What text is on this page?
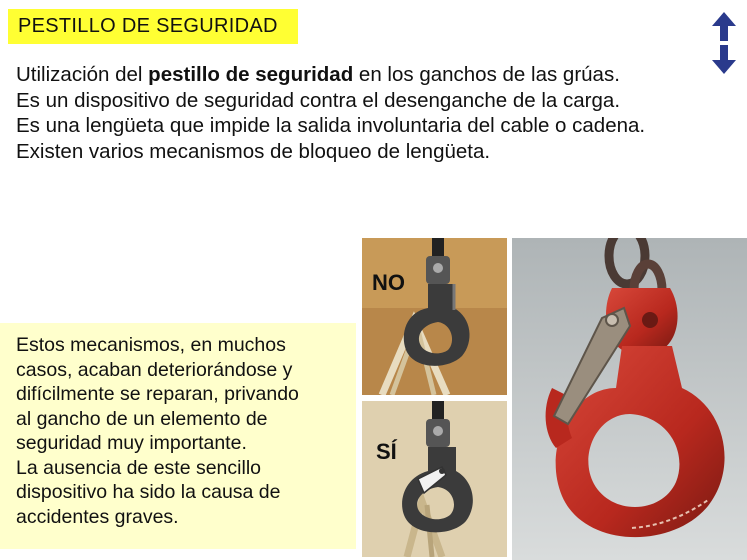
PESTILLO DE SEGURIDAD

Utilización del pestillo de seguridad en los ganchos de las grúas.

Es un dispositivo de seguridad contra el desenganche de la carga.

Es una lengüeta que impide la salida involuntaria del cable o cadena.

Existen varios mecanismos de bloqueo de lengüeta.

Estos mecanismos, en muchos

casos, acaban deteriorándose y

difícilmente se reparan, privando

al gancho de un elemento de

seguridad muy importante.

La ausencia de este sencillo

dispositivo ha sido la causa de

accidentes graves.

NO
SÍ
